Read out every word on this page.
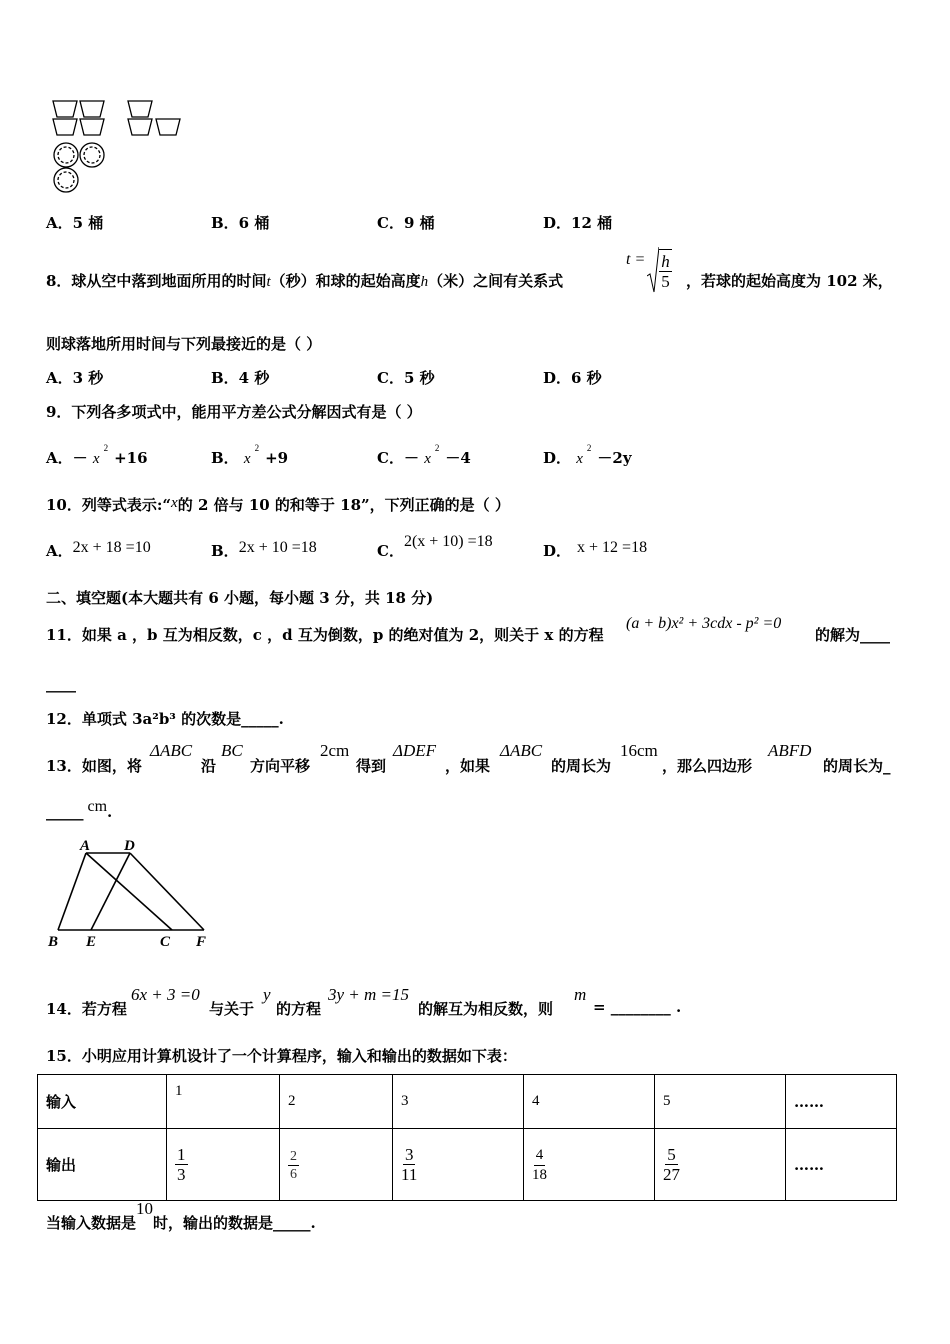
A．5 桶	B．6 桶	C．9 桶	D．12 桶
8．球从空中落到地面所用的时间t（秒）和球的起始高度h（米）之间有关系式
$t = \frac{h}{5}$ ，若球的起始高度为 102 米，
则球落地所用时间与下列最接近的是（ ）
A．3 秒	B．4 秒	C．5 秒	D．6 秒
9．下列各多项式中，能用平方差公式分解因式有是（ ）
A．－ $x^2+16$	B． $x^2+9$	C．－ $x^2-4$	D． $x^2-2y$
10．列等式表示:“x的 2 倍与 10 的和等于 18”，下列正确的是（ ）
A．2x + 18 =10	B．2x + 10 =18	C．2(x + 10) =18
D． x + 12 =18
二、填空题(本大题共有 6 小题，每小题 3 分，共 18 分)
11．如果 a ，b 互为相反数，c ，d 互为倒数，p 的绝对值为 2，则关于 x 的方程
(a + b)x² + 3cdx - p² =0
的解为____
____
12．单项式 3a²b³ 的次数是_____.
13．如图，将
ΔABC
沿
BC
方向平移
2cm
得到
ΔDEF
，如果
ΔABC
的周长为
16cm
，那么四边形
ABFD
的周长为_
_____ cm.
A D
B E	C F
14．若方程
6x + 3 =0
与关于
y
的方程
3y + m =15
的解互为相反数，则
m
= ________ .
15．小明应用计算机设计了一个计算程序，输入和输出的数据如下表：
输入	1	2	3	4	5	……
输出	$\frac{1}{3}$	$\frac{2}{6}$	$\frac{3}{11}$	$\frac{4}{18}$	$\frac{5}{27}$	……
当输入数据是10时，输出的数据是_____.
